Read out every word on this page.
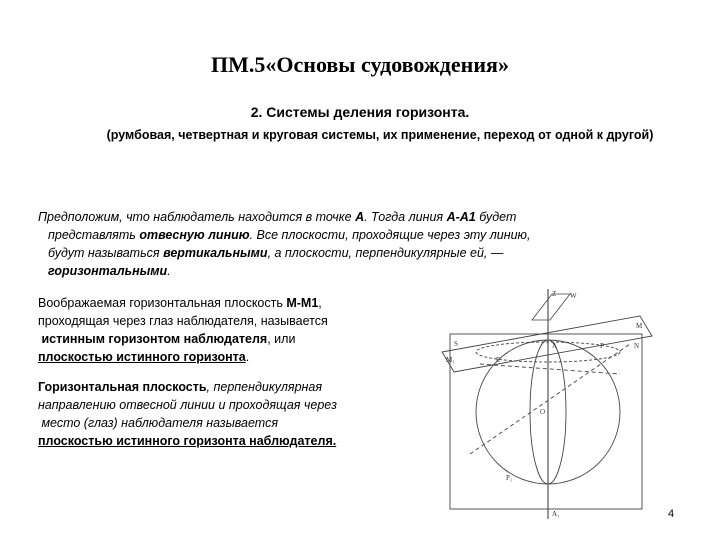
ПМ.5«Основы судовождения»
2. Системы деления горизонта.
(румбовая, четвертная и круговая системы, их применение, переход от одной к другой)
Предположим, что наблюдатель находится в точке А. Тогда линия А-А1 будет
представлять отвесную линию. Все плоскости, проходящие через эту линию,
будут называться вертикальными, а плоскости, перпендикулярные ей, —
горизонтальными.
Воображаемая горизонтальная плоскость М-М1,
проходящая через глаз наблюдателя, называется
истинным горизонтом наблюдателя, или
плоскостью истинного горизонта.
Горизонтальная плоскость, перпендикулярная
направлению отвесной линии и проходящая через
место (глаз) наблюдателя называется
плоскостью истинного горизонта наблюдателя.
Z W
A
A₁
M
M₁
S	N
P
P₁
E
O
4
